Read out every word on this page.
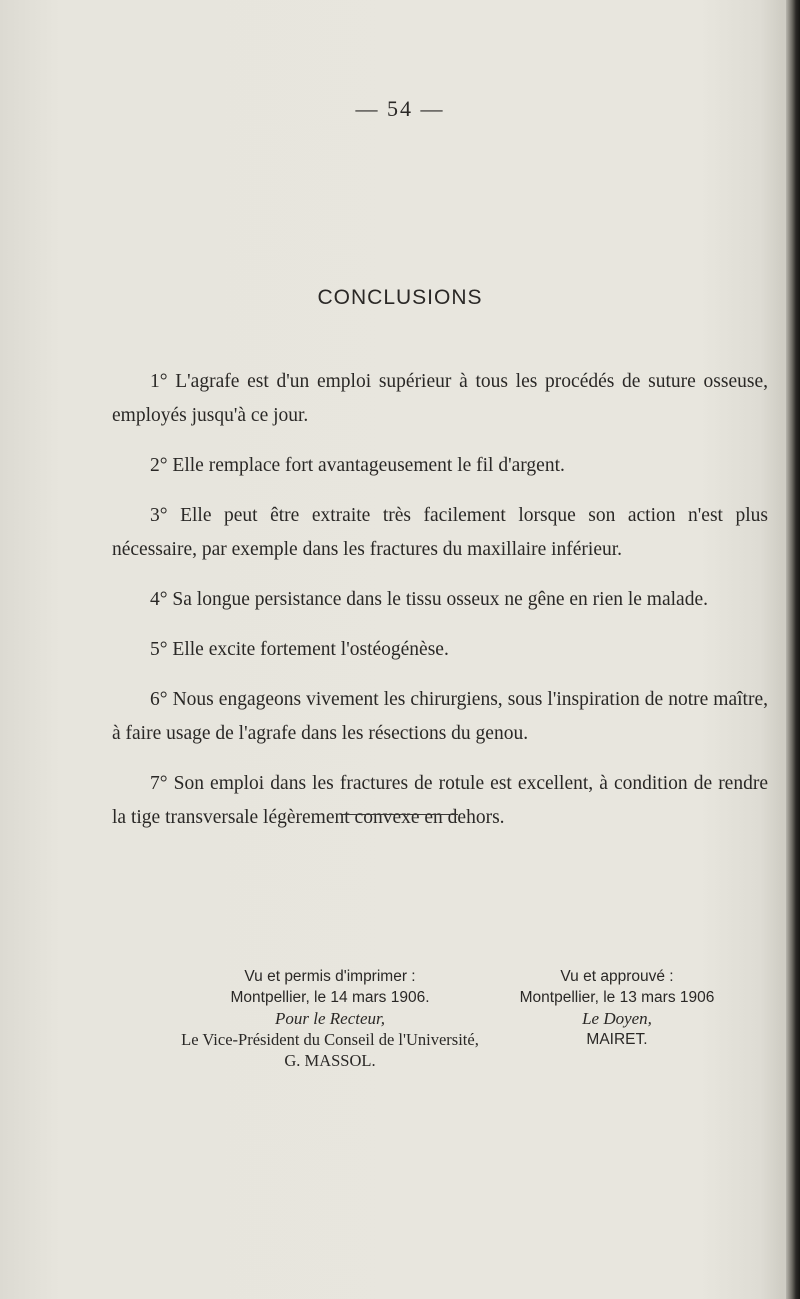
— 54 —
CONCLUSIONS

1° L'agrafe est d'un emploi supérieur à tous les procédés de suture osseuse, employés jusqu'à ce jour.

2° Elle remplace fort avantageusement le fil d'argent.

3° Elle peut être extraite très facilement lorsque son action n'est plus nécessaire, par exemple dans les fractures du maxillaire inférieur.

4° Sa longue persistance dans le tissu osseux ne gêne en rien le malade.

5° Elle excite fortement l'ostéogénèse.

6° Nous engageons vivement les chirurgiens, sous l'inspiration de notre maître, à faire usage de l'agrafe dans les résections du genou.

7° Son emploi dans les fractures de rotule est excellent, à condition de rendre la tige transversale légèrement convexe en dehors.

Vu et permis d'imprimer :
Montpellier, le 14 mars 1906.
Pour le Recteur,
Le Vice-Président du Conseil de l'Université,
G. MASSOL.
Vu et approuvé :
Montpellier, le 13 mars 1906
Le Doyen,
MAIRET.
